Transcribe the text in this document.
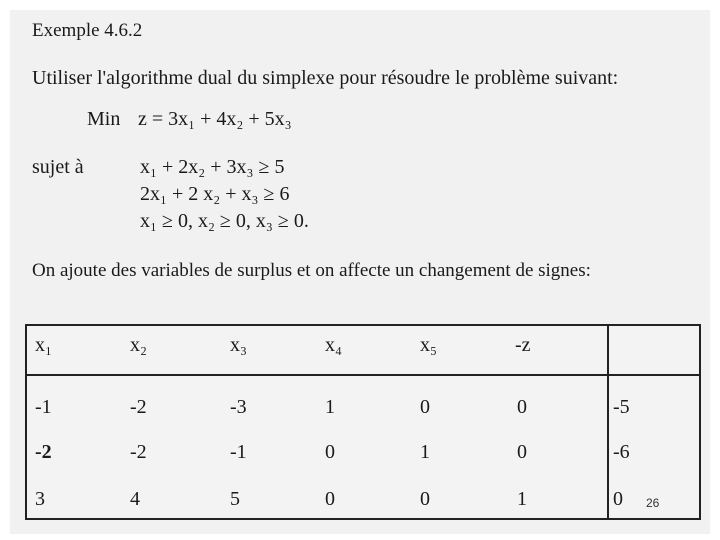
Exemple 4.6.2
Utiliser l'algorithme dual du simplexe pour résoudre le problème suivant:
Min z = 3x₁ + 4x₂ + 5x₃
sujet à	x₁ + 2x₂ + 3x₃ ≥ 5
2x₁ + 2 x₂ + x₃ ≥ 6
x₁ ≥ 0, x₂ ≥ 0, x₃ ≥ 0.
On ajoute des variables de surplus et on affecte un changement de signes:
x₁	x₂	x₃	x₄	x₅	-z
-1	-2	-3	1	0	0	-5
-2	-2	-1	0	1	0	-6
3	4	5	0	0	1	0 26
